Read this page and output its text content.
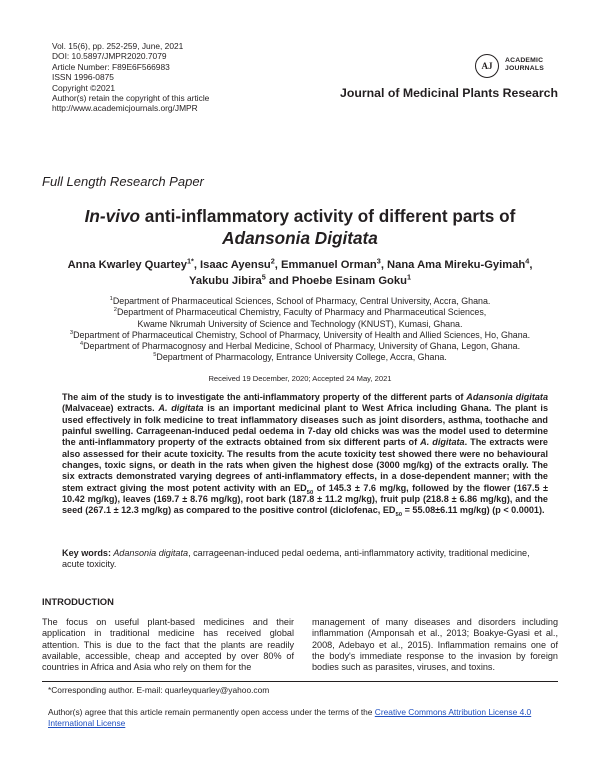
Vol. 15(6), pp. 252-259, June, 2021
DOI: 10.5897/JMPR2020.7079
Article Number: F89E6F566983
ISSN 1996-0875
Copyright ©2021
Author(s) retain the copyright of this article
http://www.academicjournals.org/JMPR
AJ
ACADEMIC
JOURNALS
Journal of Medicinal Plants Research
Full Length Research Paper
In-vivo anti-inflammatory activity of different parts of
Adansonia Digitata
Anna Kwarley Quartey$^{1*}$, Isaac Ayensu$^2$, Emmanuel Orman$^3$, Nana Ama Mireku-Gyimah$^4$,
Yakubu Jibira$^5$ and Phoebe Esinam Goku$^1$
$^1$Department of Pharmaceutical Sciences, School of Pharmacy, Central University, Accra, Ghana.
$^2$Department of Pharmaceutical Chemistry, Faculty of Pharmacy and Pharmaceutical Sciences,
Kwame Nkrumah University of Science and Technology (KNUST), Kumasi, Ghana.
$^3$Department of Pharmaceutical Chemistry, School of Pharmacy, University of Health and Allied Sciences, Ho, Ghana.
$^4$Department of Pharmacognosy and Herbal Medicine, School of Pharmacy, University of Ghana, Legon, Ghana.
$^5$Department of Pharmacology, Entrance University College, Accra, Ghana.
Received 19 December, 2020; Accepted 24 May, 2021
The aim of the study is to investigate the anti-inflammatory property of the different parts of Adansonia digitata (Malvaceae) extracts. A. digitata is an important medicinal plant to West Africa including Ghana. The plant is used effectively in folk medicine to treat inflammatory diseases such as joint disorders, asthma, toothache and painful swelling. Carrageenan-induced pedal oedema in 7-day old chicks was was the model used to determine the anti-inflammatory property of the extracts obtained from six different parts of A. digitata. The extracts were also assessed for their acute toxicity. The results from the acute toxicity test showed there were no behavioural changes, toxic signs, or death in the rats when given the highest dose (3000 mg/kg) of the extracts orally. The six extracts demonstrated varying degrees of anti-inflammatory effects, in a dose-dependent manner; with the stem extract giving the most potent activity with an $ED_{50}$ of 145.3 ± 7.6 mg/kg, followed by the flower (167.5 ± 10.42 mg/kg), leaves (169.7 ± 8.76 mg/kg), root bark (187.8 ± 11.2 mg/kg), fruit pulp (218.8 ± 6.86 mg/kg), and the seed (267.1 ± 12.3 mg/kg) as compared to the positive control (diclofenac, $ED_{50} = 55.08\pm 6.11$ mg/kg) (p < 0.0001).
Key words: Adansonia digitata, carrageenan-induced pedal oedema, anti-inflammatory activity, traditional medicine, acute toxicity.
INTRODUCTION
The focus on useful plant-based medicines and their application in traditional medicine has received global attention. This is due to the fact that the plants are readily available, accessible, cheap and accepted by over 80% of countries in Africa and Asia who rely on them for the
management of many diseases and disorders including inflammation (Amponsah et al., 2013; Boakye-Gyasi et al., 2008, Adebayo et al., 2015). Inflammation remains one of the body's immediate response to the invasion by foreign bodies such as parasites, viruses, and toxins.
*Corresponding author. E-mail: quarleyquarley@yahoo.com
Author(s) agree that this article remain permanently open access under the terms of the Creative Commons Attribution License 4.0 International License
